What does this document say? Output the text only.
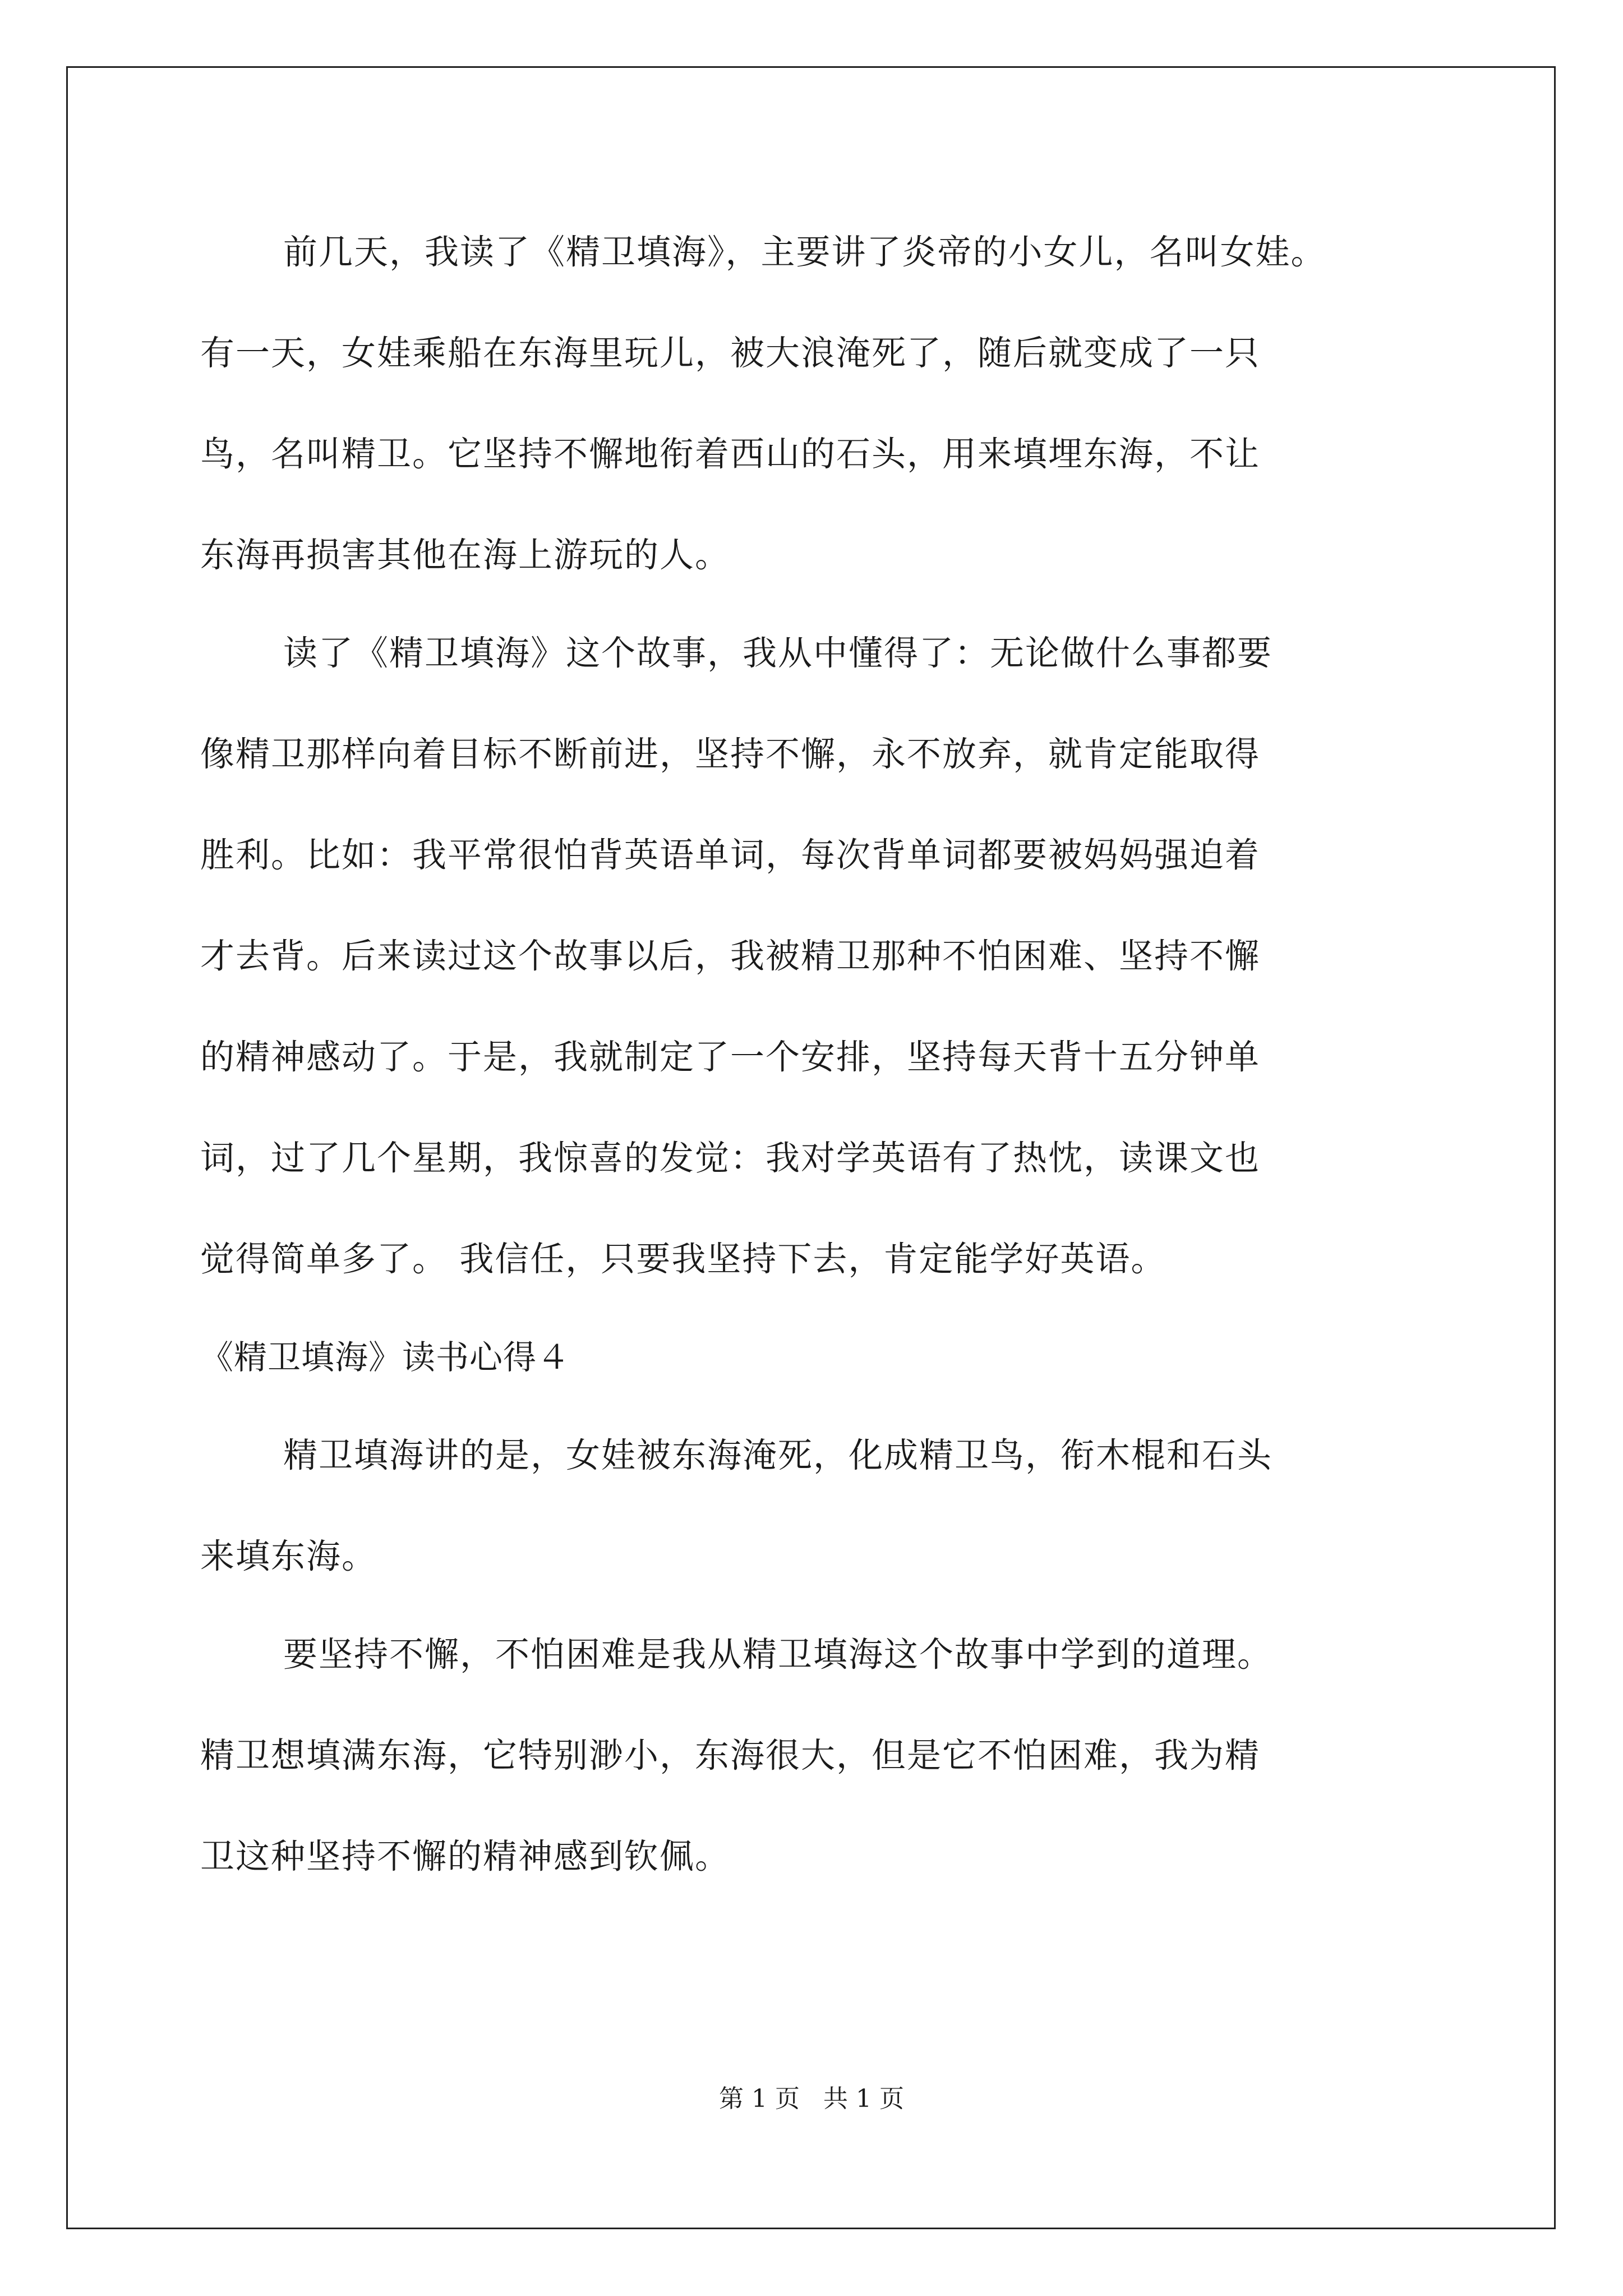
前几天，我读了《精卫填海》，主要讲了炎帝的小女儿，名叫女娃。
有一天，女娃乘船在东海里玩儿，被大浪淹死了，随后就变成了一只
鸟，名叫精卫。它坚持不懈地衔着西山的石头，用来填埋东海，不让
东海再损害其他在海上游玩的人。
读了《精卫填海》这个故事，我从中懂得了：无论做什么事都要
像精卫那样向着目标不断前进，坚持不懈，永不放弃，就肯定能取得
胜利。比如：我平常很怕背英语单词，每次背单词都要被妈妈强迫着
才去背。后来读过这个故事以后，我被精卫那种不怕困难、坚持不懈
的精神感动了。于是，我就制定了一个安排，坚持每天背十五分钟单
词，过了几个星期，我惊喜的发觉：我对学英语有了热忱，读课文也
觉得简单多了。 我信任，只要我坚持下去，肯定能学好英语。
《精卫填海》读书心得４
精卫填海讲的是，女娃被东海淹死，化成精卫鸟，衔木棍和石头
来填东海。
要坚持不懈，不怕困难是我从精卫填海这个故事中学到的道理。
精卫想填满东海，它特别渺小，东海很大，但是它不怕困难，我为精
卫这种坚持不懈的精神感到钦佩。
第 1 页   共 1 页
